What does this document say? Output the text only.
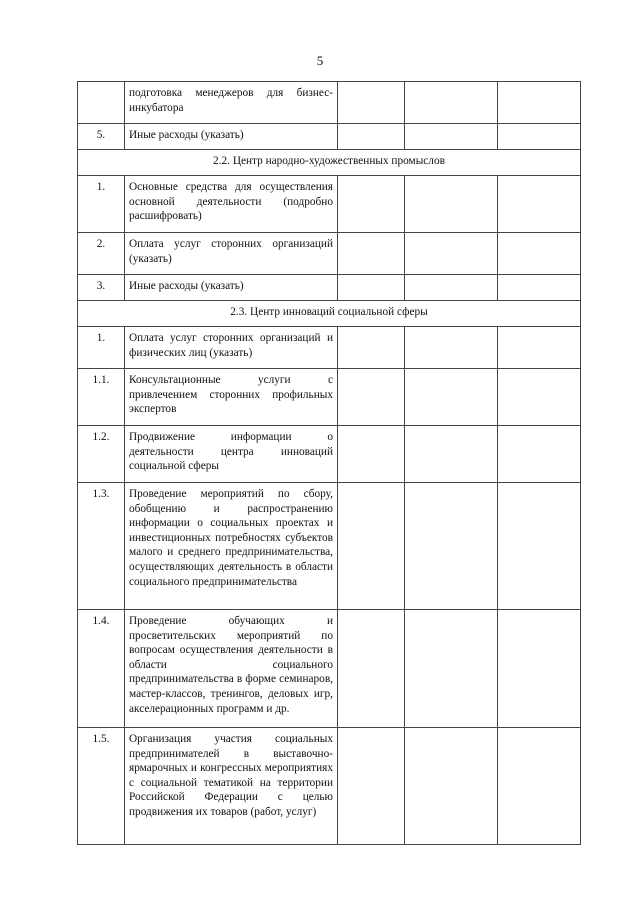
5
	подготовка менеджеров для бизнес-инкубатора			
5.	Иные расходы (указать)			
2.2. Центр народно-художественных промыслов				
1.	Основные средства для осуществления основной деятельности (подробно расшифровать)			
2.	Оплата услуг сторонних организаций (указать)			
3.	Иные расходы (указать)			
2.3. Центр инноваций социальной сферы				
1.	Оплата услуг сторонних организаций и физических лиц (указать)			
1.1.	Консультационные услуги с привлечением сторонних профильных экспертов			
1.2.	Продвижение информации о деятельности центра инноваций социальной сферы			
1.3.	Проведение мероприятий по сбору, обобщению и распространению информации о социальных проектах и инвестиционных потребностях субъектов малого и среднего предпринимательства, осуществляющих деятельность в области социального предпринимательства			
1.4.	Проведение обучающих и просветительских мероприятий по вопросам осуществления деятельности в области социального предпринимательства в форме семинаров, мастер-классов, тренингов, деловых игр, акселерационных программ и др.			
1.5.	Организация участия социальных предпринимателей в выставочно-ярмарочных и конгрессных мероприятиях с социальной тематикой на территории Российской Федерации с целью продвижения их товаров (работ, услуг)			
